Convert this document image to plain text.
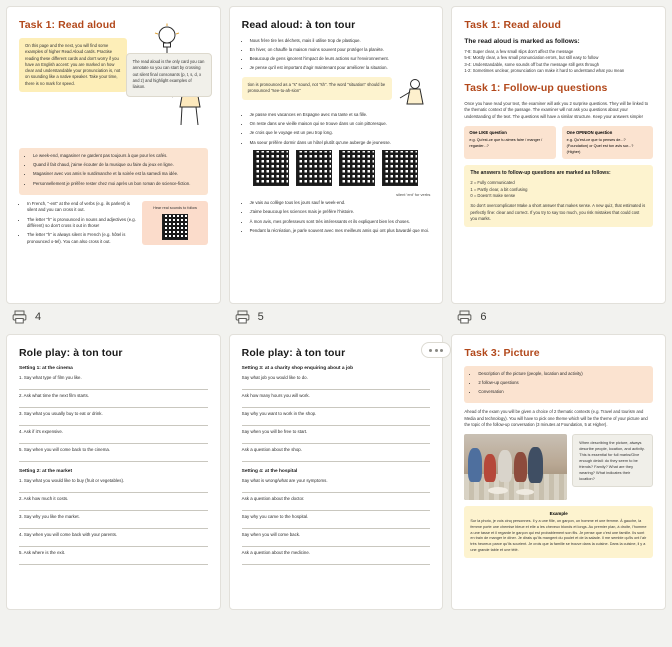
Task 1: Read aloud
On this page and the next, you will find some examples of higher Read Aloud cards. Practise reading these different cards and don't worry if you have an English accent: you are marked on how clear and understandable your pronunciation is, not on sounding like a native speaker. Take your time, there is no mark for speed.
The read aloud is the only card you can annotate so you can start by crossing out silent final consonants (p, t, s, d, x and z) and highlight examples of liaison.
• Le week-end, magasiner ne gardent pas toujours à que pour les cafés.
• Quand il fait chaud, j'aime écouter de la musique ou faire du jeux en ligne.
• Magasiner avec vos amis le surdimanche et la soirée est la samedi ma idée.
• Personnellement je préfère rester chez moi après un bon roman de science-fiction.
• In French, "-ent" at the end of verbs (e.g. ils parlent) is silent and you can cross it out.
• The letter "h" is pronounced in nouns and adjectives (e.g. différent) so don't cross it out in those!
• The letter "h" is always silent in French (e.g. hôtel is pronounced o-tel). You can also cross it out.
Hear real sounds to follow
4
Read aloud: à ton tour
• Nous frère tire les déchets, mais il utilise trop de plastique.
• En hiver, on chauffe la maison moins souvent pour protéger la planète.
• Beaucoup de gens ignorent l'impact de leurs actions sur l'environnement.
• Je pense qu'il est important d'agir maintenant pour améliorer la situation.
tion is pronounced as a "s" sound, not "sh". The word "situation" should be pronounced "see-tu-ah-sion"
• Je passe mes vacances en Espagne avec ma tante et sa fille.
• On reste dans une vieille maison qui se trouve dans un coin pittoresque.
• Je crois que le voyage est un peu trop long.
• Ma soeur préfère dormir dans un hôtel plutôt qu'une auberge de jeunesse.
silent 'ent' for verbs
• Je vais au collège tous les jours sauf le week-end.
• J'aime beaucoup les sciences mais je préfère l'histoire.
• À mon avis, mes professeurs sont très intéressants et ils expliquent bien les choses.
• Pendant la récréation, je parle souvent avec mes meilleurs amis qui ont plus bavardé que moi.
5
Task 1: Read aloud
The read aloud is marked as follows:
7-8: Super clear, a few small slips don't affect the message
5-6: Mostly clear, a few small pronunciation errors, but still easy to follow
3-4: Understandable, some sounds off but the message still gets through
1-2: Sometimes unclear, pronunciation can make it hard to understand what you mean
Task 1: Follow-up questions
Once you have read your text, the examiner will ask you 2 surprise questions. They will be linked to the thematic context of the passage. The examiner will not ask you questions about your understanding of the text. The questions will have a similar structure. Keep your answers simple!
One LIKE question
e.g. Qu'est-ce que tu aimes faire / manger / regarder...?
One OPINION question
e.g. Qu'est-ce que tu penses de...? (Foundation) or Quel est ton avis sur...? (Higher)
The answers to follow-up questions are marked as follows:
2 = Fully communicated
1 = Partly clear, a bit confusing
0 = Doesn't make sense
So don't overcomplicate! Make a short answer that makes sense. A new quiz, that estimated is perfectly fine: clear and correct. If you try to say too much, you risk mistakes that could cost you marks.
6
Role play: à ton tour
Setting 1: at the cinema
1. Say what type of film you like.
2. Ask what time the next film starts.
3. Say what you usually buy to eat or drink.
4. Ask if it's expensive.
5. Say when you will come back to the cinema.
Setting 2: at the market
1. Say what you would like to buy (fruit or vegetables).
2. Ask how much it costs.
3. Say why you like the market.
4. Say when you will come back with your parents.
5. Ask where is the exit.
Role play: à ton tour
Setting 3: at a charity shop enquiring about a job
Say what job you would like to do.
Ask how many hours you will work.
Say why you want to work in the shop.
Say when you will be free to start.
Ask a question about the shop.
Setting 4: at the hospital
Say what is wrong/what are your symptoms.
Ask a question about the doctor.
Say why you came to the hospital.
Say when you will come back.
Ask a question about the medicine.
Task 3: Picture
• Description of the picture (people, location and activity)
• 2 follow-up questions
• Conversation
Ahead of the exam you will be given a choice of 2 thematic contexts (e.g. Travel and tourism and Media and technology). You will have to pick one theme which will be the theme of your picture and the topic of the follow-up conversation (3 minutes at Foundation, 5 at Higher).
When describing the picture, always describe people, location, and activity. This is essential for full marks/Give enough detail: do they seem to be friends? Family? What are they wearing? What indicates their location?
Example
Sur la photo, je vois cinq personnes. Il y a une fille, un garçon, un homme et une femme. À gauche, la femme porte une chemise bleue et elle a les cheveux blonds et longs. Au premier plan, à droite, l'homme a une tasse et il regarde le garçon qui est probablement son fils. Je pense que c'est une famille. Ils sont en train de manger le dîner. Je dirais qu'ils mangent du poulet et de la salade. Il me semble qu'ils ont l'air très heureux parce qu'ils sourient. Je crois que la famille se trouve dans la cuisine. Dans la cuisine, il y a une grande table et une télé.
